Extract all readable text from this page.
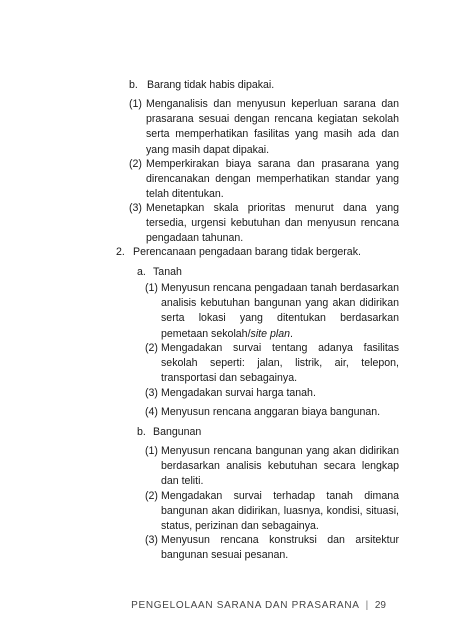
b. Barang tidak habis dipakai.
(1) Menganalisis dan menyusun keperluan sarana dan prasarana sesuai dengan rencana kegiatan sekolah serta memperhatikan fasilitas yang masih ada dan yang masih dapat dipakai.
(2) Memperkirakan biaya sarana dan prasarana yang direncanakan dengan memperhatikan standar yang telah ditentukan.
(3) Menetapkan skala prioritas menurut dana yang tersedia, urgensi kebutuhan dan menyusun rencana pengadaan tahunan.
2. Perencanaan pengadaan barang tidak bergerak.
a. Tanah
(1) Menyusun rencana pengadaan tanah berdasarkan analisis kebutuhan bangunan yang akan didirikan serta lokasi yang ditentukan berdasarkan pemetaan sekolah/site plan.
(2) Mengadakan survai tentang adanya fasilitas sekolah seperti: jalan, listrik, air, telepon, transportasi dan sebagainya.
(3) Mengadakan survai harga tanah.
(4) Menyusun rencana anggaran biaya bangunan.
b. Bangunan
(1) Menyusun rencana bangunan yang akan didirikan berdasarkan analisis kebutuhan secara lengkap dan teliti.
(2) Mengadakan survai terhadap tanah dimana bangunan akan didirikan, luasnya, kondisi, situasi, status, perizinan dan sebagainya.
(3) Menyusun rencana konstruksi dan arsitektur bangunan sesuai pesanan.
PENGELOLAAN SARANA DAN PRASARANA | 29
